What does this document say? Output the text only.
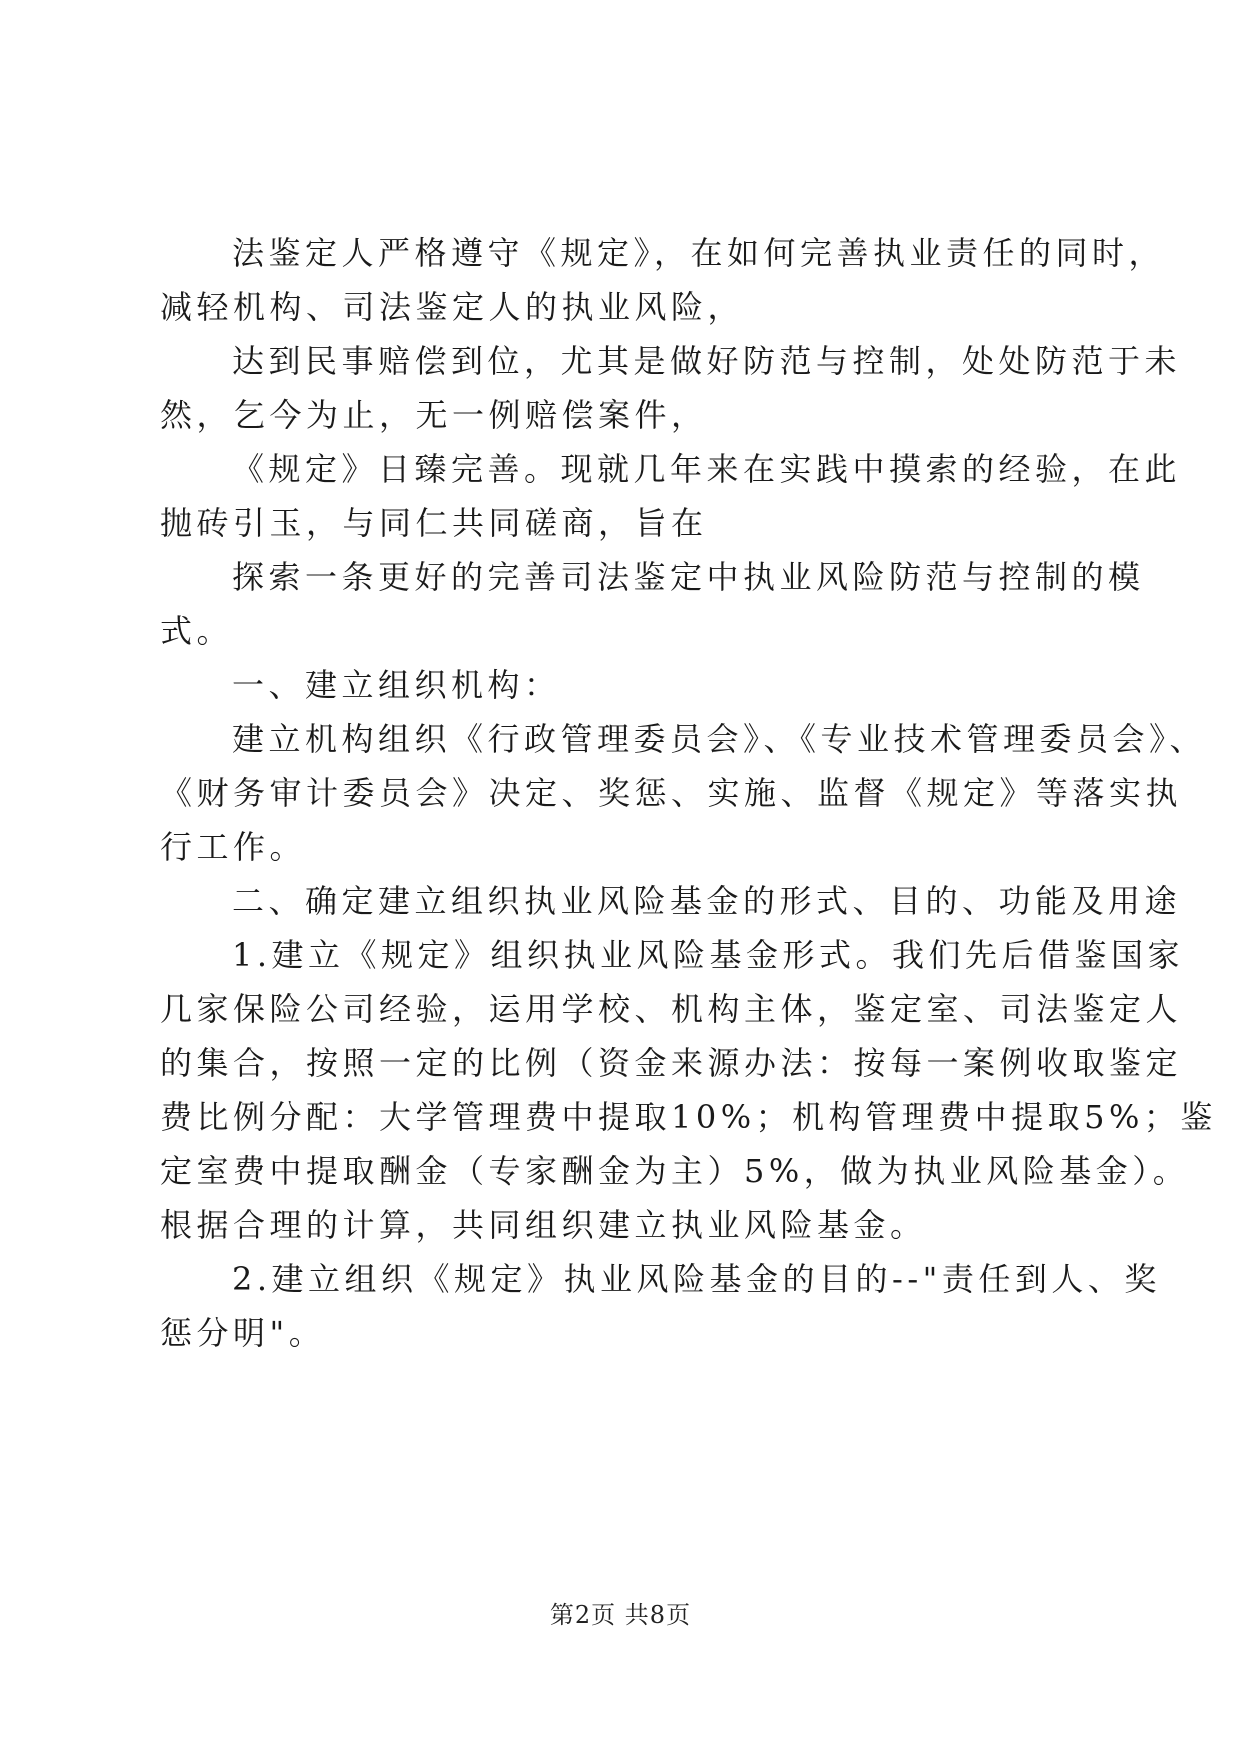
法鉴定人严格遵守《规定》，在如何完善执业责任的同时，
减轻机构、司法鉴定人的执业风险，
达到民事赔偿到位，尤其是做好防范与控制，处处防范于未
然，乞今为止，无一例赔偿案件，
《规定》日臻完善。现就几年来在实践中摸索的经验，在此
抛砖引玉，与同仁共同磋商，旨在
探索一条更好的完善司法鉴定中执业风险防范与控制的模
式。
一、建立组织机构：
建立机构组织《行政管理委员会》、《专业技术管理委员会》、
《财务审计委员会》决定、奖惩、实施、监督《规定》等落实执
行工作。
二、确定建立组织执业风险基金的形式、目的、功能及用途
1.建立《规定》组织执业风险基金形式。我们先后借鉴国家
几家保险公司经验，运用学校、机构主体，鉴定室、司法鉴定人
的集合，按照一定的比例（资金来源办法：按每一案例收取鉴定
费比例分配：大学管理费中提取10%；机构管理费中提取5%；鉴
定室费中提取酬金（专家酬金为主）5%，做为执业风险基金）。
根据合理的计算，共同组织建立执业风险基金。
2.建立组织《规定》执业风险基金的目的--"责任到人、奖
惩分明"。
第2页 共8页
